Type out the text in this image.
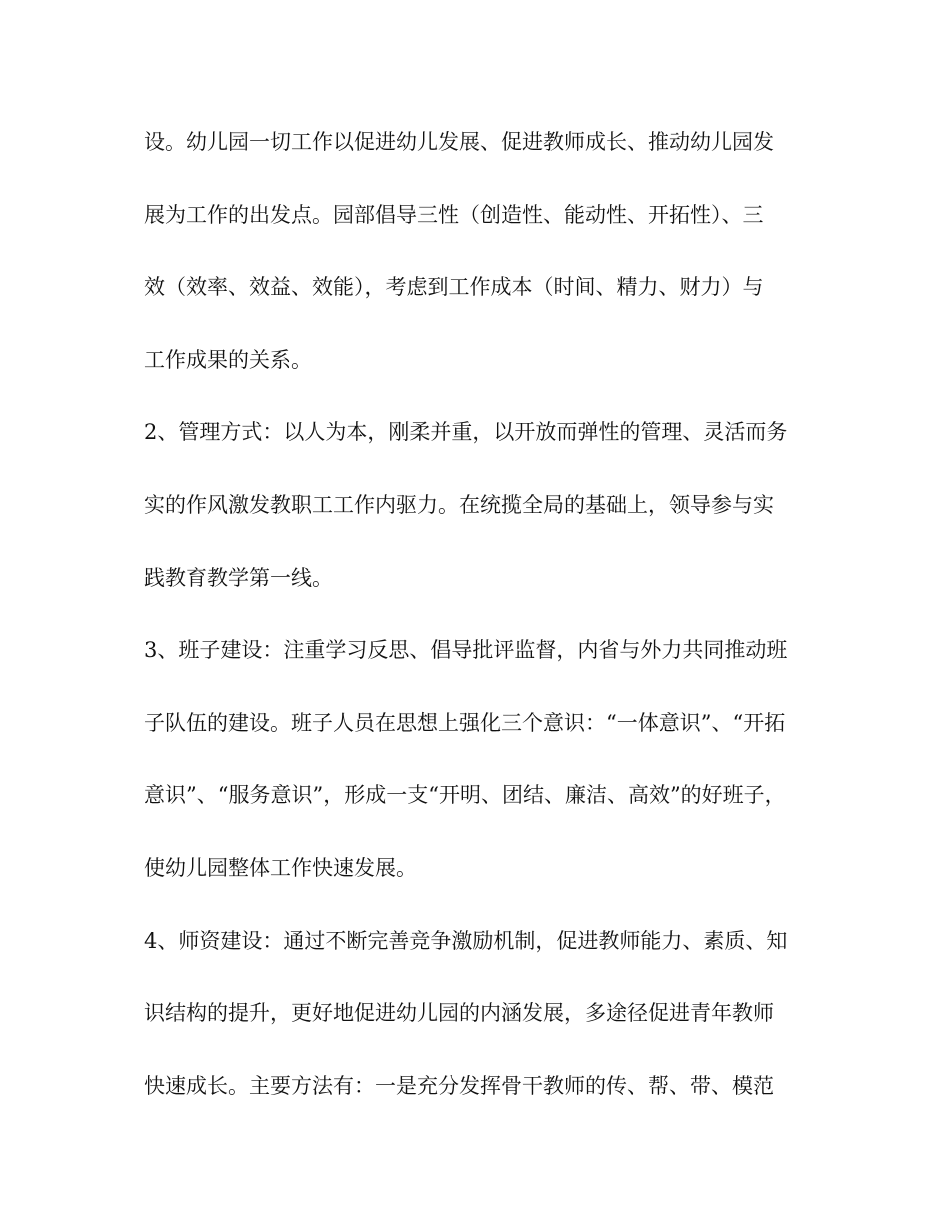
设。幼儿园一切工作以促进幼儿发展、促进教师成长、推动幼儿园发
展为工作的出发点。园部倡导三性（创造性、能动性、开拓性）、三
效（效率、效益、效能），考虑到工作成本（时间、精力、财力）与
工作成果的关系。
2、管理方式：以人为本，刚柔并重，以开放而弹性的管理、灵活而务
实的作风激发教职工工作内驱力。在统揽全局的基础上，领导参与实
践教育教学第一线。
3、班子建设：注重学习反思、倡导批评监督，内省与外力共同推动班
子队伍的建设。班子人员在思想上强化三个意识：“一体意识”、“开拓
意识”、“服务意识”，形成一支“开明、团结、廉洁、高效”的好班子，
使幼儿园整体工作快速发展。
4、师资建设：通过不断完善竞争激励机制，促进教师能力、素质、知
识结构的提升，更好地促进幼儿园的内涵发展，多途径促进青年教师
快速成长。主要方法有：一是充分发挥骨干教师的传、帮、带、模范
